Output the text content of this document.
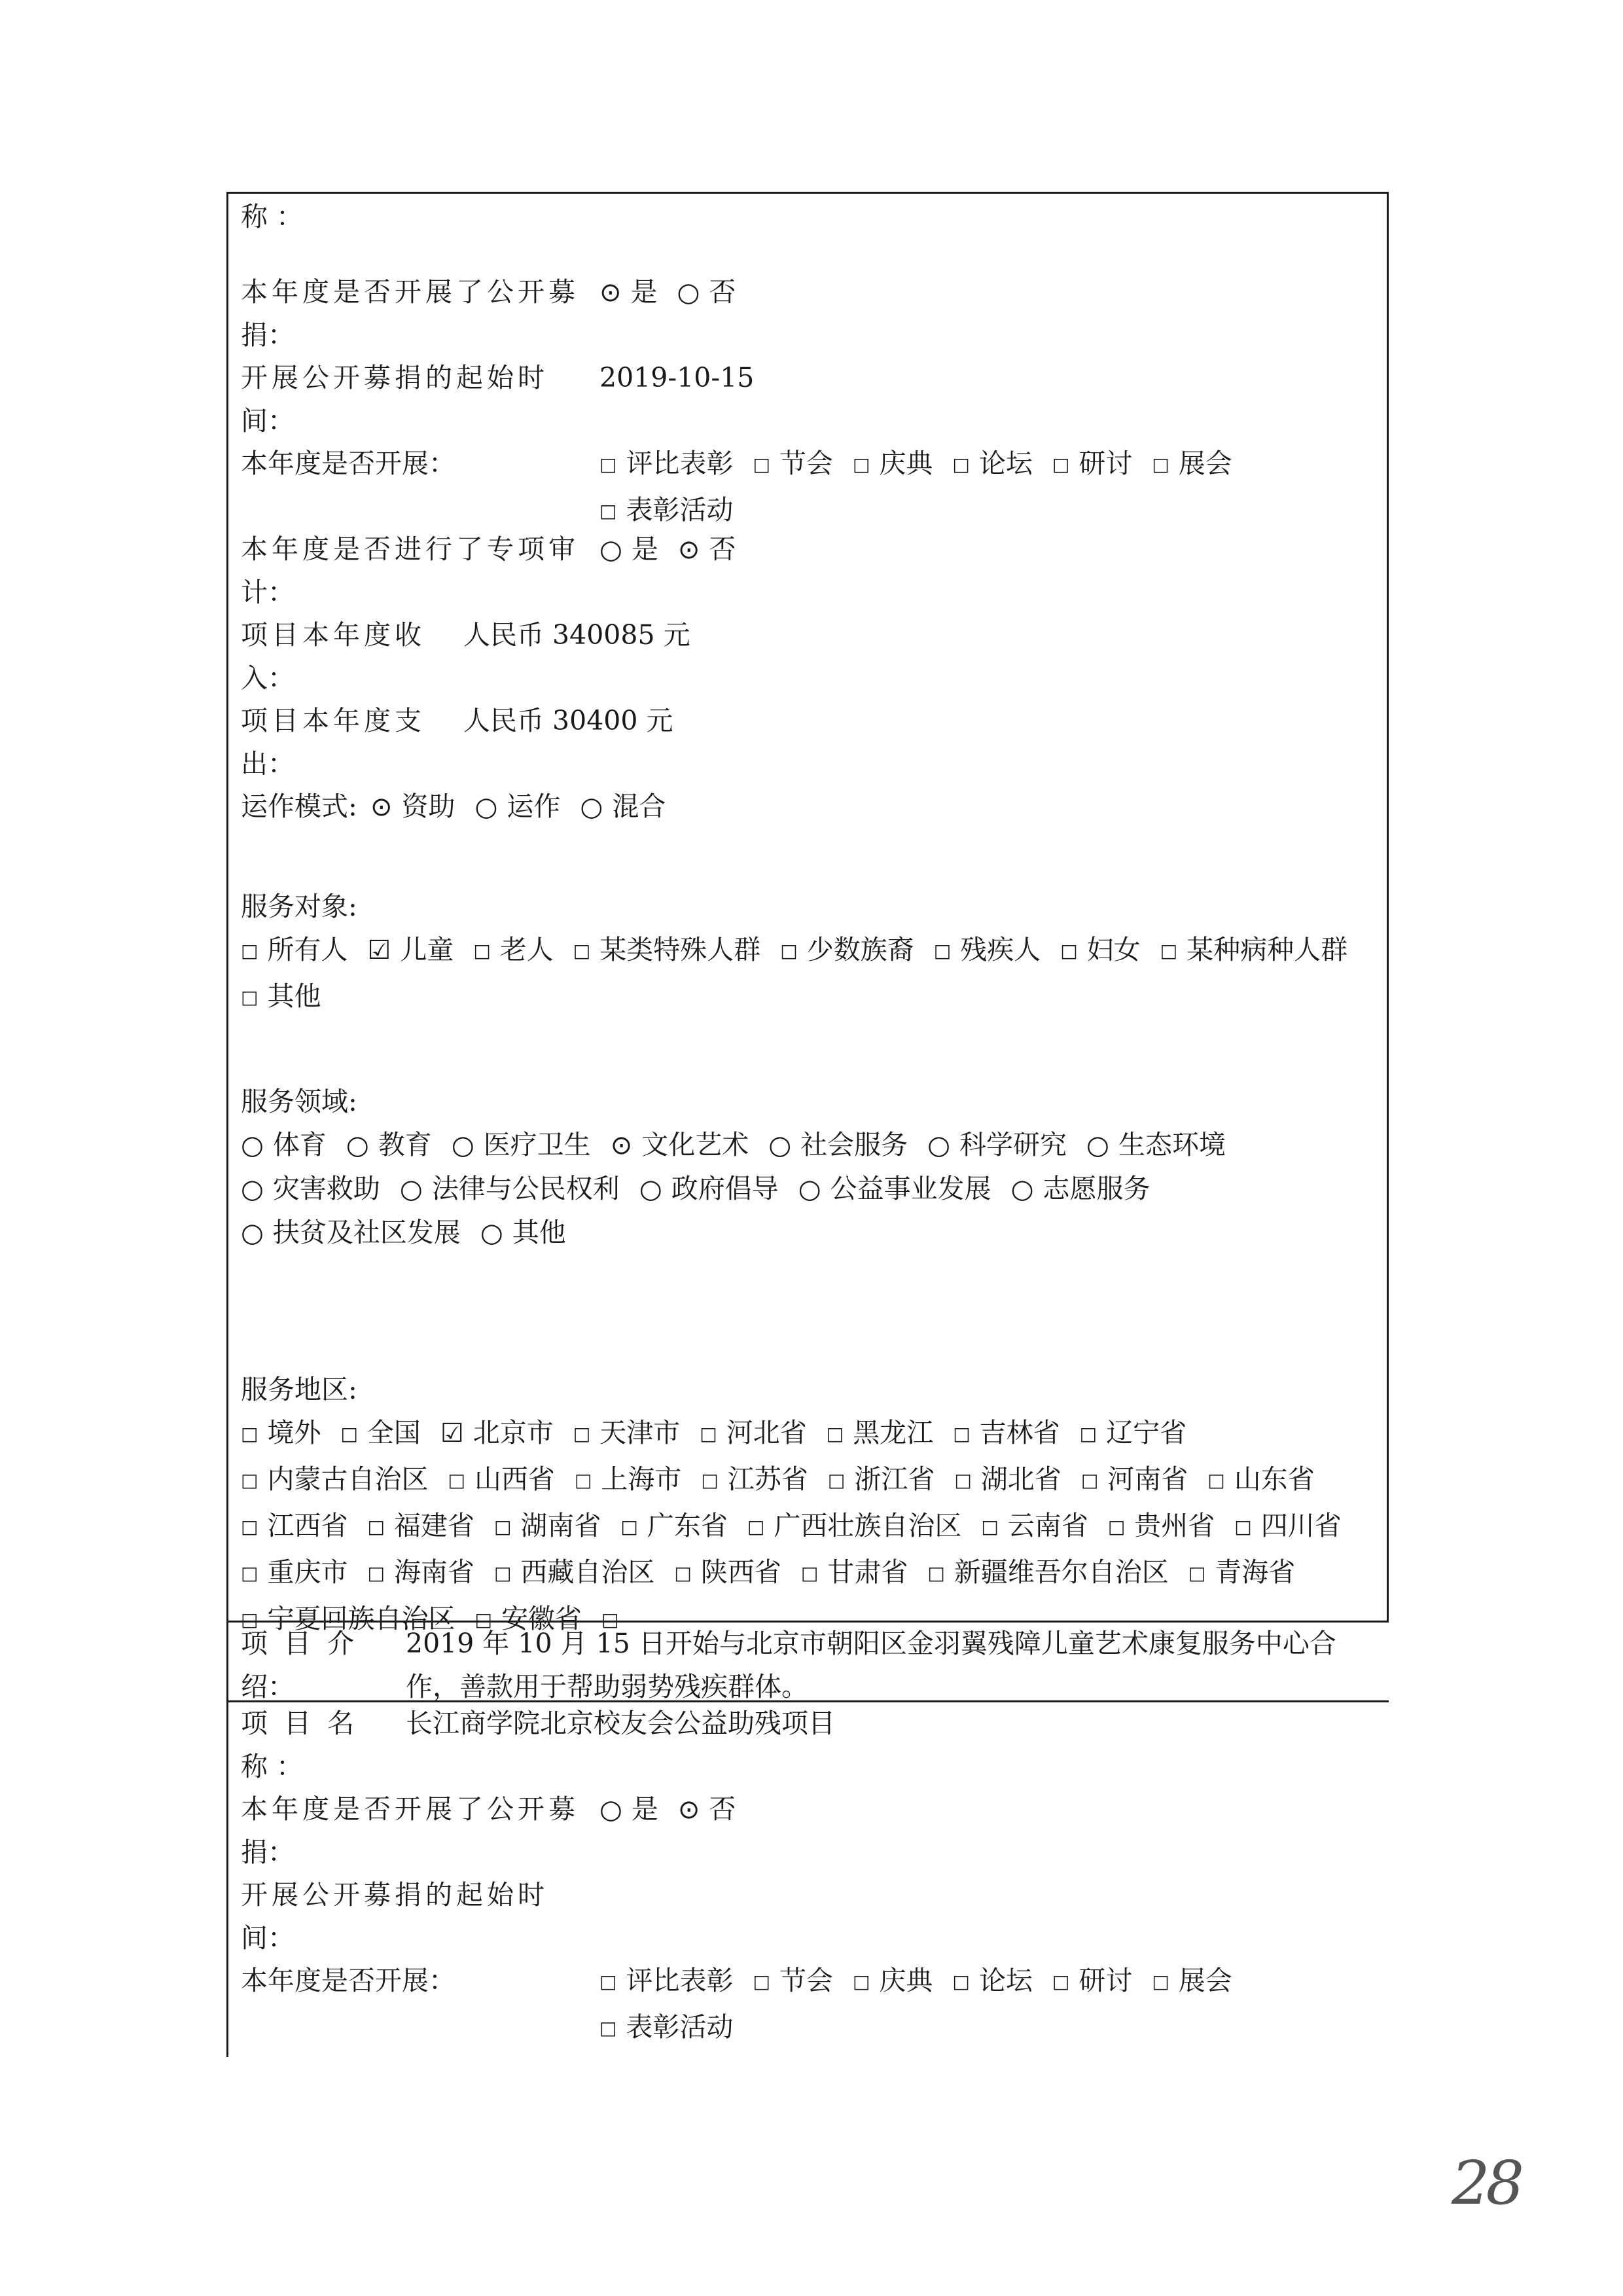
称 ：
本年度是否开展了公开募
捐：
⊙ 是 ○ 否
开展公开募捐的起始时
间：
2019-10-15
本年度是否开展：	□ 评比表彰 □ 节会 □ 庆典 □ 论坛 □ 研讨 □ 展会□ 表彰活动
本年度是否进行了专项审
计：
○ 是 ⊙ 否
项目本年度收
入：
人民币 340085 元
项目本年度支
出：
人民币 30400 元
运作模式: ⊙ 资助 ○ 运作 ○ 混合
服务对象:
□ 所有人 ☑ 儿童 □ 老人 □ 某类特殊人群 □ 少数族裔 □ 残疾人 □ 妇女 □ 某种病种人群□ 其他
服务领域:
○ 体育 ○ 教育 ○ 医疗卫生 ⊙ 文化艺术 ○ 社会服务 ○ 科学研究 ○ 生态环境○ 灾害救助 ○ 法律与公民权利 ○ 政府倡导 ○ 公益事业发展 ○ 志愿服务○ 扶贫及社区发展 ○ 其他
服务地区:
□ 境外 □ 全国 ☑ 北京市 □ 天津市 □ 河北省 □ 黑龙江 □ 吉林省 □ 辽宁省□ 内蒙古自治区 □ 山西省 □ 上海市 □ 江苏省 □ 浙江省 □ 湖北省 □ 河南省 □ 山东省□ 江西省 □ 福建省 □ 湖南省 □ 广东省 □ 广西壮族自治区 □ 云南省 □ 贵州省 □ 四川省□ 重庆市 □ 海南省 □ 西藏自治区 □ 陕西省 □ 甘肃省 □ 新疆维吾尔自治区 □ 青海省□ 宁夏回族自治区 □ 安徽省 □
项 目 介
绍：
2019 年 10 月 15 日开始与北京市朝阳区金羽翼残障儿童艺术康复服务中心合作，善款用于帮助弱势残疾群体。
项 目 名
称 ：
长江商学院北京校友会公益助残项目
本年度是否开展了公开募
捐：
○ 是 ⊙ 否
开展公开募捐的起始时
间：
本年度是否开展：	□ 评比表彰 □ 节会 □ 庆典 □ 论坛 □ 研讨 □ 展会□ 表彰活动
28
